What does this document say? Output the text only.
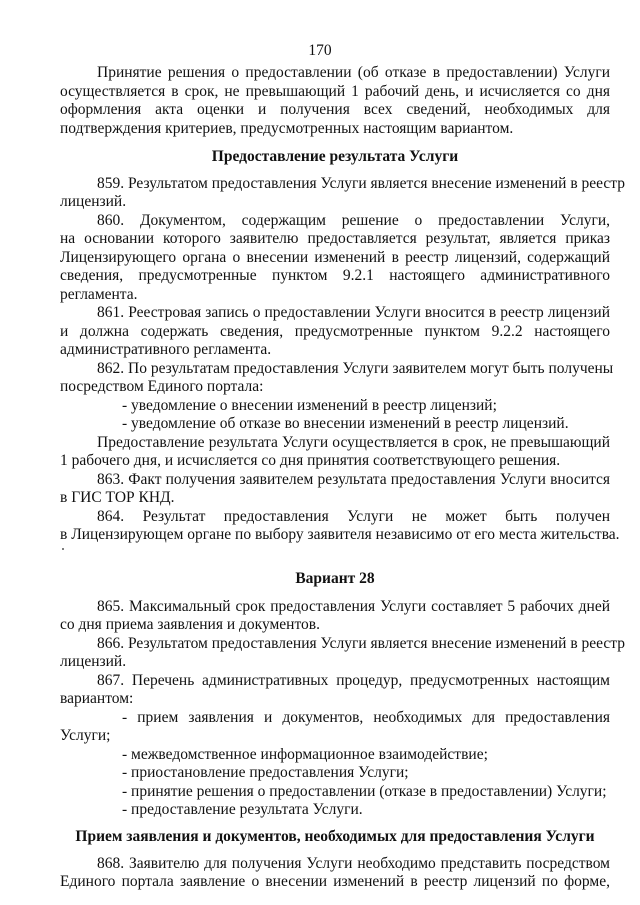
170
Принятие решения о предоставлении (об отказе в предоставлении) Услуги
осуществляется в срок, не превышающий 1 рабочий день, и исчисляется со дня
оформления акта оценки и получения всех сведений, необходимых для
подтверждения критериев, предусмотренных настоящим вариантом.
Предоставление результата Услуги
859. Результатом предоставления Услуги является внесение изменений в реестр
лицензий.
860. Документом, содержащим решение о предоставлении Услуги,
на основании которого заявителю предоставляется результат, является приказ
Лицензирующего органа о внесении изменений в реестр лицензий, содержащий
сведения, предусмотренные пунктом 9.2.1 настоящего административного
регламента.
861. Реестровая запись о предоставлении Услуги вносится в реестр лицензий
и должна содержать сведения, предусмотренные пунктом 9.2.2 настоящего
административного регламента.
862. По результатам предоставления Услуги заявителем могут быть получены
посредством Единого портала:
- уведомление о внесении изменений в реестр лицензий;
- уведомление об отказе во внесении изменений в реестр лицензий.
Предоставление результата Услуги осуществляется в срок, не превышающий
1 рабочего дня, и исчисляется со дня принятия соответствующего решения.
863. Факт получения заявителем результата предоставления Услуги вносится
в ГИС ТОР КНД.
864. Результат предоставления Услуги не может быть получен
в Лицензирующем органе по выбору заявителя независимо от его места жительства.
Вариант 28
865. Максимальный срок предоставления Услуги составляет 5 рабочих дней
со дня приема заявления и документов.
866. Результатом предоставления Услуги является внесение изменений в реестр
лицензий.
867. Перечень административных процедур, предусмотренных настоящим
вариантом:
- прием заявления и документов, необходимых для предоставления
Услуги;
- межведомственное информационное взаимодействие;
- приостановление предоставления Услуги;
- принятие решения о предоставлении (отказе в предоставлении) Услуги;
- предоставление результата Услуги.
Прием заявления и документов, необходимых для предоставления Услуги
868. Заявителю для получения Услуги необходимо представить посредством
Единого портала заявление о внесении изменений в реестр лицензий по форме,
